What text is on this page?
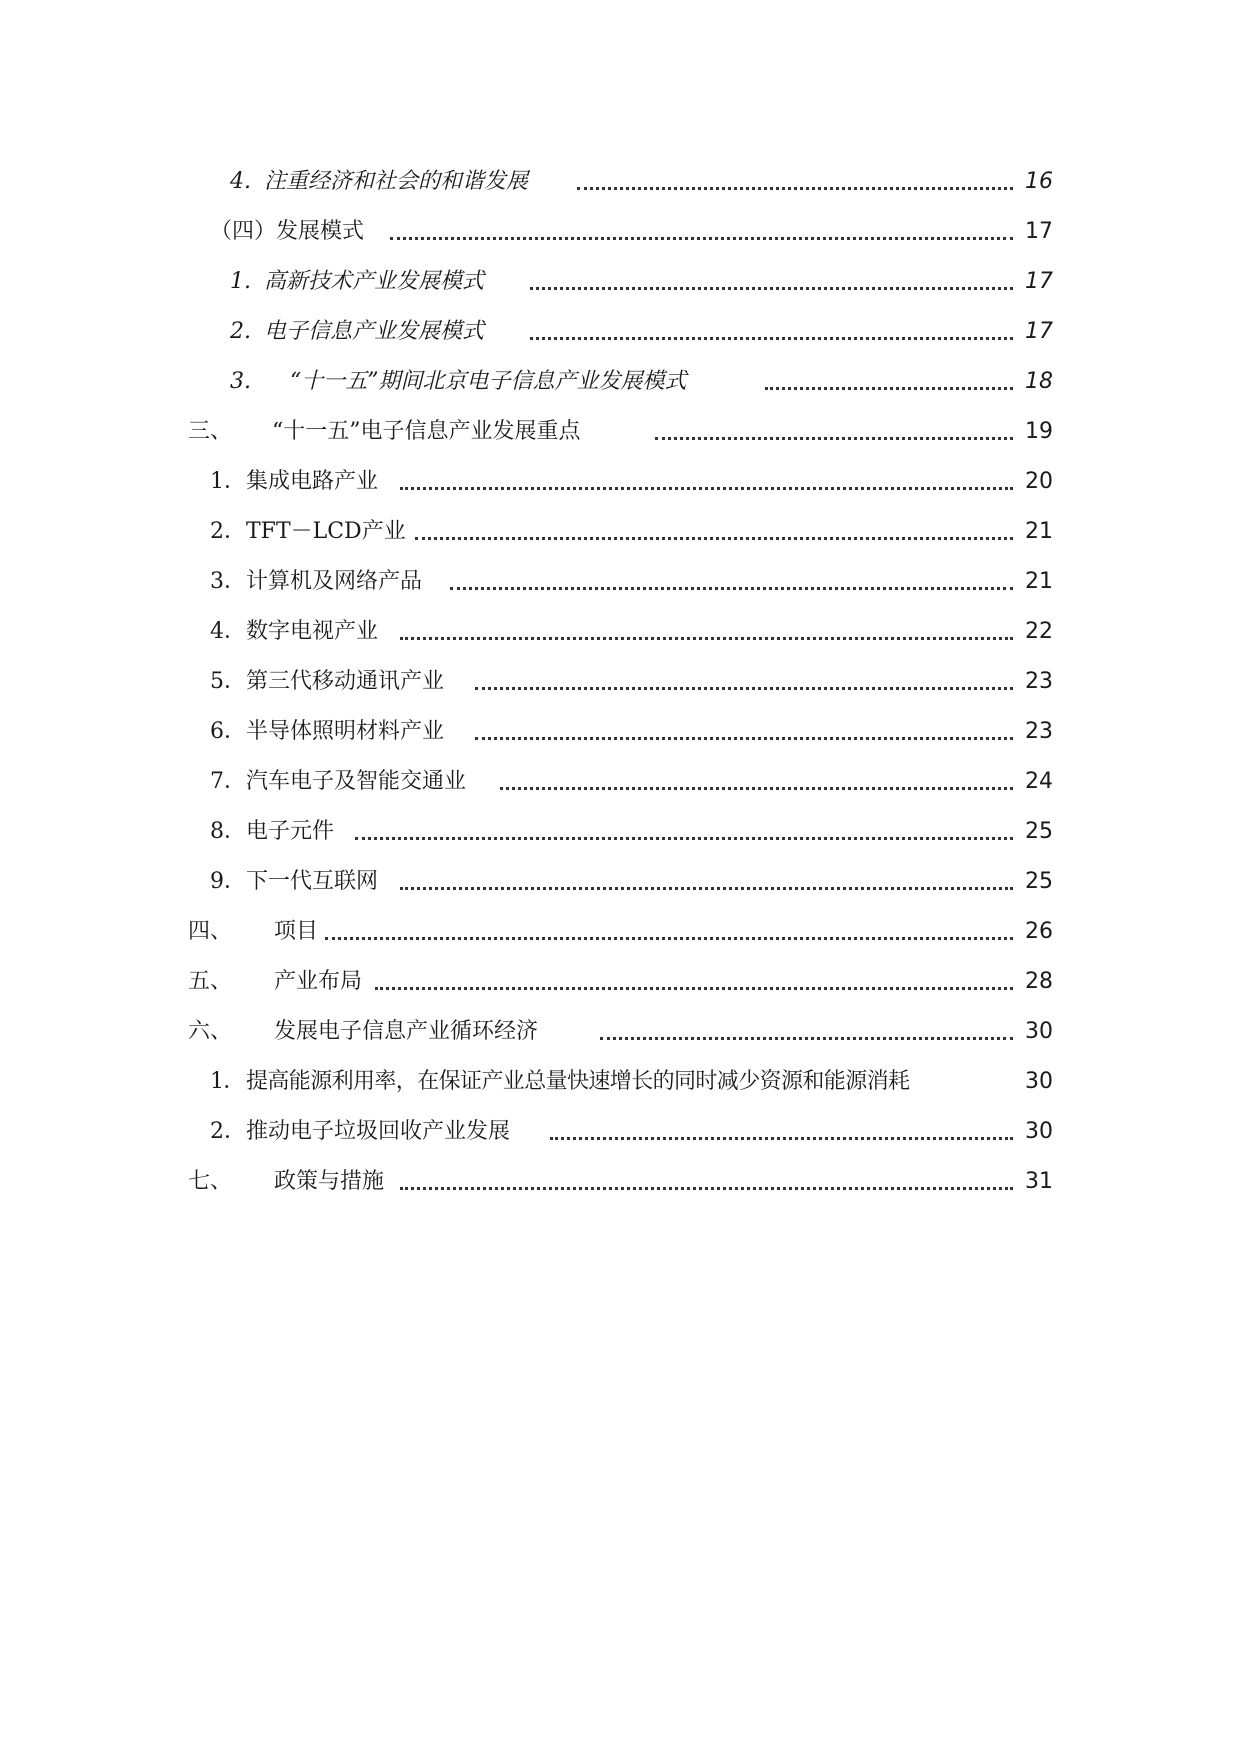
4. 注重经济和社会的和谐发展	16
（四）发展模式	17
1. 高新技术产业发展模式	17
2. 电子信息产业发展模式	17
3. “十一五”期间北京电子信息产业发展模式	18
三、 “十一五”电子信息产业发展重点	19
1．集成电路产业	20
2．TFT－LCD产业	21
3．计算机及网络产品	21
4．数字电视产业	22
5．第三代移动通讯产业	23
6．半导体照明材料产业	23
7．汽车电子及智能交通业	24
8．电子元件	25
9．下一代互联网	25
四、 项目	26
五、 产业布局	28
六、 发展电子信息产业循环经济	30
1．提高能源利用率，在保证产业总量快速增长的同时减少资源和能源消耗	30
2．推动电子垃圾回收产业发展	30
七、 政策与措施	31
